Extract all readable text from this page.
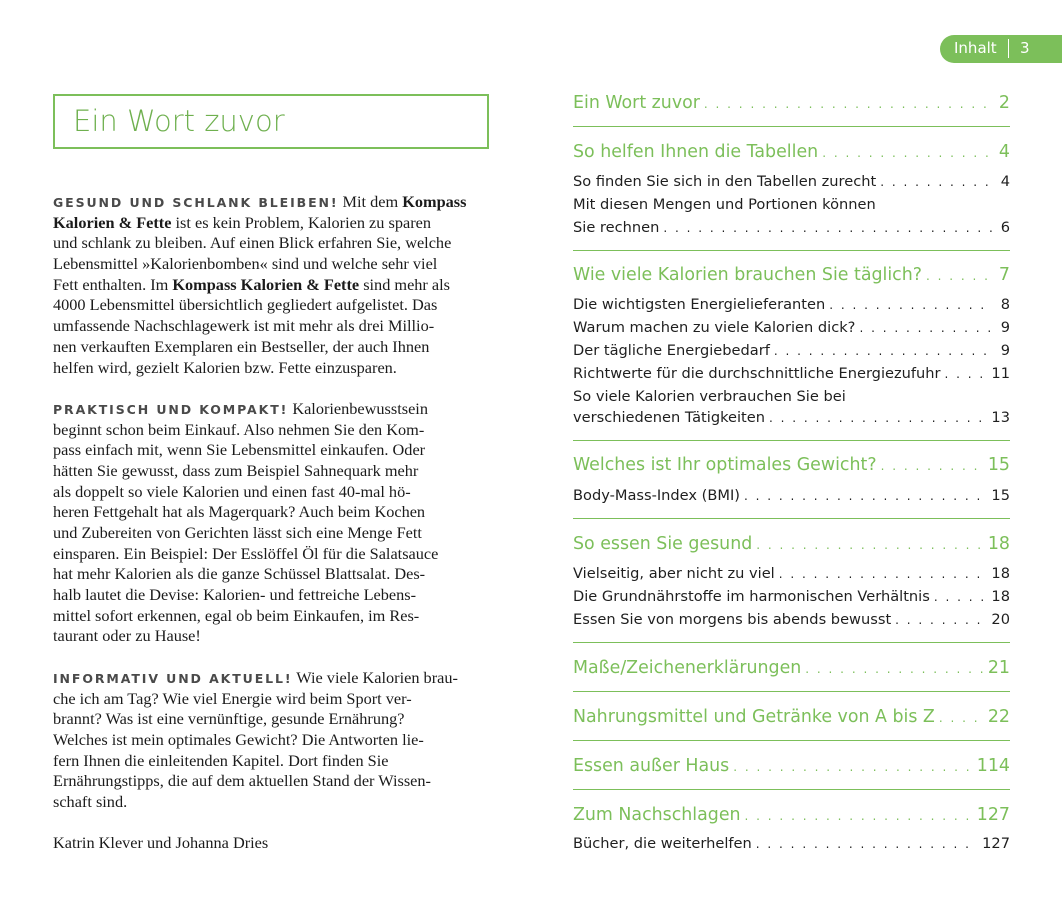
Inhalt 3
Ein Wort zuvor
GESUND UND SCHLANK BLEIBEN! Mit dem Kompass
Kalorien & Fette ist es kein Problem, Kalorien zu sparen
und schlank zu bleiben. Auf einen Blick erfahren Sie, welche
Lebensmittel »Kalorienbomben« sind und welche sehr viel
Fett enthalten. Im Kompass Kalorien & Fette sind mehr als
4000 Lebensmittel übersichtlich gegliedert aufgelistet. Das
umfassende Nachschlagewerk ist mit mehr als drei Millio-
nen verkauften Exemplaren ein Bestseller, der auch Ihnen
helfen wird, gezielt Kalorien bzw. Fette einzusparen.
PRAKTISCH UND KOMPAKT! Kalorienbewusstsein
beginnt schon beim Einkauf. Also nehmen Sie den Kom-
pass einfach mit, wenn Sie Lebensmittel einkaufen. Oder
hätten Sie gewusst, dass zum Beispiel Sahnequark mehr
als doppelt so viele Kalorien und einen fast 40-mal hö-
heren Fettgehalt hat als Magerquark? Auch beim Kochen
und Zubereiten von Gerichten lässt sich eine Menge Fett
einsparen. Ein Beispiel: Der Esslöffel Öl für die Salatsauce
hat mehr Kalorien als die ganze Schüssel Blattsalat. Des-
halb lautet die Devise: Kalorien- und fettreiche Lebens-
mittel sofort erkennen, egal ob beim Einkaufen, im Res-
taurant oder zu Hause!
INFORMATIV UND AKTUELL! Wie viele Kalorien brau-
che ich am Tag? Wie viel Energie wird beim Sport ver-
brannt? Was ist eine vernünftige, gesunde Ernährung?
Welches ist mein optimales Gewicht? Die Antworten lie-
fern Ihnen die einleitenden Kapitel. Dort finden Sie
Ernährungstipps, die auf dem aktuellen Stand der Wissen-
schaft sind.
Katrin Klever und Johanna Dries
Ein Wort zuvor . . .	2
So helfen Ihnen die Tabellen . . .	4
So finden Sie sich in den Tabellen zurecht . . .	4
Mit diesen Mengen und Portionen können
Sie rechnen . . .	6
Wie viele Kalorien brauchen Sie täglich? . . .	7
Die wichtigsten Energielieferanten . . .	8
Warum machen zu viele Kalorien dick? . . .	9
Der tägliche Energiebedarf . . .	9
Richtwerte für die durchschnittliche Energiezufuhr . . .	11
So viele Kalorien verbrauchen Sie bei
verschiedenen Tätigkeiten . . .	13
Welches ist Ihr optimales Gewicht? . . .	15
Body-Mass-Index (BMI) . . .	15
So essen Sie gesund . . .	18
Vielseitig, aber nicht zu viel . . .	18
Die Grundnährstoffe im harmonischen Verhältnis . . .	18
Essen Sie von morgens bis abends bewusst . . .	20
Maße/Zeichenerklärungen . . .	21
Nahrungsmittel und Getränke von A bis Z . . .	22
Essen außer Haus . . .	114
Zum Nachschlagen . . .	127
Bücher, die weiterhelfen . . .	127
